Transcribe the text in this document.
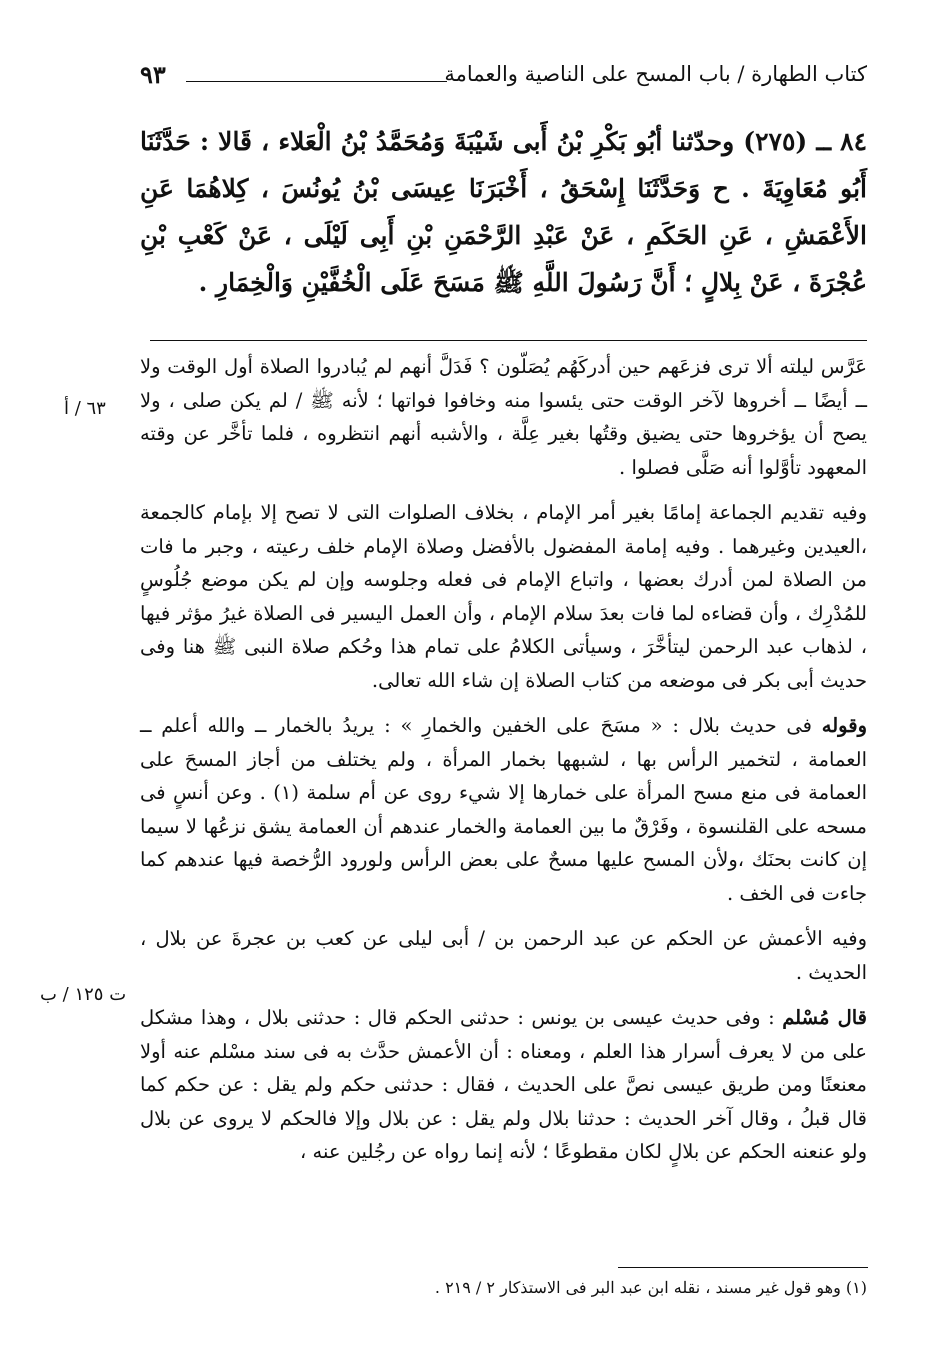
كتاب الطهارة / باب المسح على الناصية والعمامة
٩٣
٨٤ ــ (٢٧٥) وحدّثنا أبُو بَكْرِ بْنُ أَبى شَيْبَةَ وَمُحَمَّدُ بْنُ الْعَلاء ، قَالا : حَدَّثَنَا أَبُو مُعَاوِيَةَ . ح وَحَدَّثَنَا إِسْحَقُ ، أَخْبَرَنَا عِيسَى بْنُ يُونُسَ ، كِلاهُمَا عَنِ الأَعْمَشِ ، عَنِ الحَكَمِ ، عَنْ عَبْدِ الرَّحْمَنِ بْنِ أَبِى لَيْلَى ، عَنْ كَعْبِ بْنِ عُجْرَةَ ، عَنْ بِلالٍ ؛ أَنَّ رَسُولَ اللَّهِ ﷺ مَسَحَ عَلَى الْخُفَّيْنِ وَالْخِمَارِ .

عَرَّس ليلته ألا ترى فزعَهم حين أدركَهُم يُصَلّون ؟ فَدَلَّ أنهم لم يُبادروا الصلاة أول الوقت ولا ــ أيضًا ــ أخروها لآخر الوقت حتى يئسوا منه وخافوا فواتها ؛ لأنه ﷺ / لم يكن صلى ، ولا يصح أن يؤخروها حتى يضيق وقتُها بغير عِلَّة ، والأشبه أنهم انتظروه ، فلما تأخَّر عن وقته المعهود تأوَّلوا أنه صَلَّى فصلوا .

وفيه تقديم الجماعة إمامًا بغير أمر الإمام ، بخلاف الصلوات التى لا تصح إلا بإمام كالجمعة ،العيدين وغيرهما . وفيه إمامة المفضول بالأفضل وصلاة الإمام خلف رعيته ، وجبر ما فات من الصلاة لمن أدرك بعضها ، واتباع الإمام فى فعله وجلوسه وإن لم يكن موضع جُلُوسٍ للمُدْرِك ، وأن قضاءه لما فات بعدَ سلام الإمام ، وأن العمل اليسير فى الصلاة غيرُ مؤثر فيها ، لذهاب عبد الرحمن ليتأخَّرَ ، وسيأتى الكلامُ على تمام هذا وحُكم صلاة النبى ﷺ هنا وفى حديث أبى بكر فى موضعه من كتاب الصلاة إن شاء الله تعالى.

وقوله فى حديث بلال : « مسَحَ على الخفين والخمارِ » : يريدُ بالخمار ــ والله أعلم ــ العمامة ، لتخمير الرأس بها ، لشبهها بخمار المرأة ، ولم يختلف من أجاز المسحَ على العمامة فى منع مسح المرأة على خمارها إلا شيء روى عن أم سلمة (١) . وعن أنسٍ فى مسحه على القلنسوة ، وفَرْقٌ ما بين العمامة والخمار عندهم أن العمامة يشق نزعُها لا سيما إن كانت بحنَك ،ولأن المسح عليها مسحٌ على بعض الرأس ولورود الرُّخصة فيها عندهم كما جاءت فى الخف .

وفيه الأعمش عن الحكم عن عبد الرحمن بن / أبى ليلى عن كعب بن عجرةَ عن بلال ، الحديث .

قال مُسْلم : وفى حديث عيسى بن يونس : حدثنى الحكم قال : حدثنى بلال ، وهذا مشكل على من لا يعرف أسرار هذا العلم ، ومعناه : أن الأعمش حدَّث به فى سند مسْلم عنه أولا معنعنًا ومن طريق عيسى نصَّ على الحديث ، فقال : حدثنى حكم ولم يقل : عن حكم كما قال قبلُ ، وقال آخر الحديث : حدثنا بلال ولم يقل : عن بلال وإلا فالحكم لا يروى عن بلال ولو عنعنه الحكم عن بلالٍ لكان مقطوعًا ؛ لأنه إنما رواه عن رجُلين عنه ،

٦٣ / أ
ت ١٢٥ / ب
(١) وهو قول غير مسند ، نقله ابن عبد البر فى الاستذكار ٢ / ٢١٩ .
